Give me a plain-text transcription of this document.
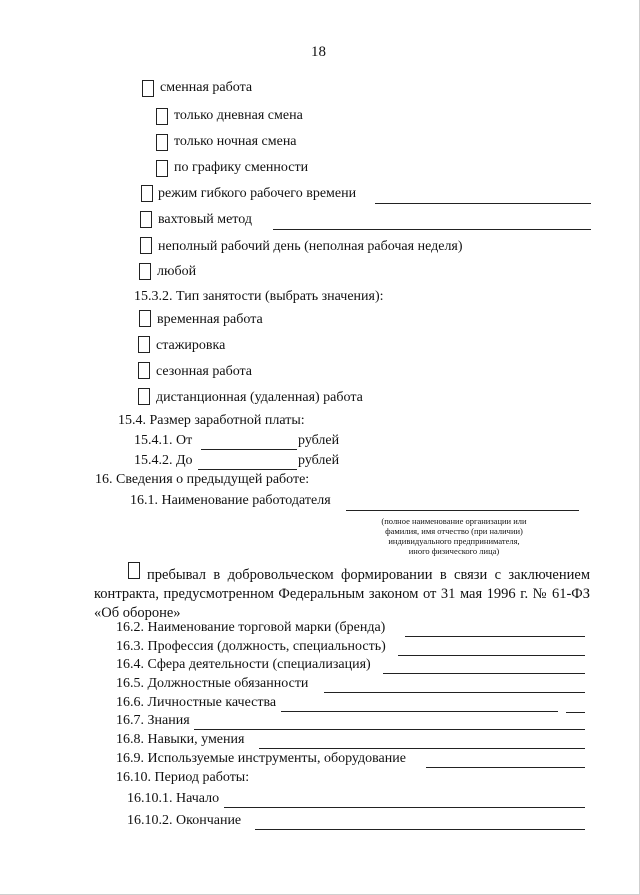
18
сменная работа
только дневная смена
только ночная смена
по графику сменности
режим гибкого рабочего времени
вахтовый метод
неполный рабочий день (неполная рабочая неделя)
любой
15.3.2. Тип занятости (выбрать значения):
временная работа
стажировка
сезонная работа
дистанционная (удаленная) работа
15.4. Размер заработной платы:
15.4.1. От	рублей
15.4.2. До	рублей
16. Сведения о предыдущей работе:
16.1. Наименование работодателя
(полное наименование организации или
фамилия, имя отчество (при наличии)
индивидуального предпринимателя,
иного физического лица)
пребывал в добровольческом формировании в связи с заключением контракта, предусмотренном Федеральным законом от 31 мая 1996 г. № 61-ФЗ «Об обороне»
16.2. Наименование торговой марки (бренда)
16.3. Профессия (должность, специальность)
16.4. Сфера деятельности (специализация)
16.5. Должностные обязанности
16.6. Личностные качества
16.7. Знания
16.8. Навыки, умения
16.9. Используемые инструменты, оборудование
16.10. Период работы:
16.10.1. Начало
16.10.2. Окончание
